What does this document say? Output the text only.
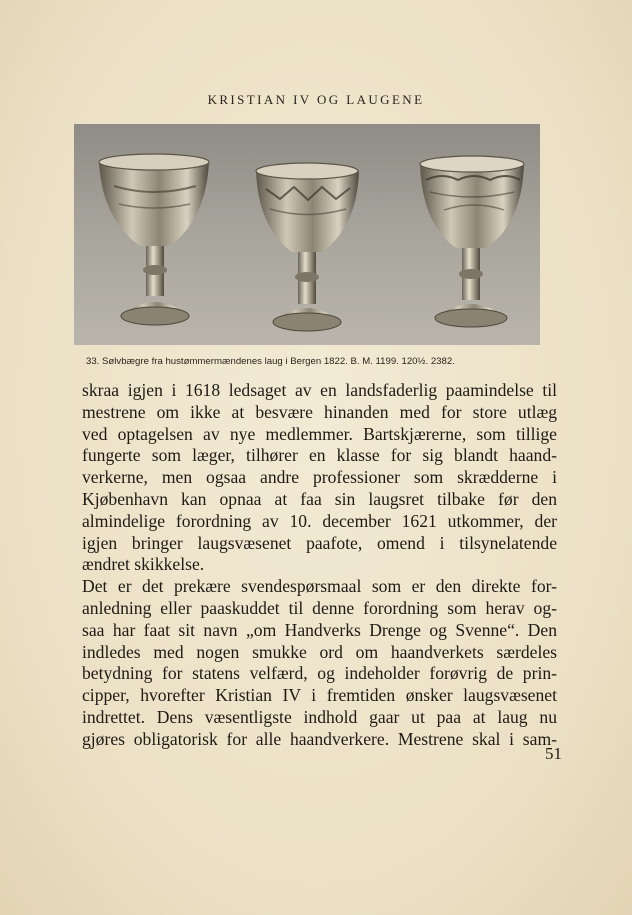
KRISTIAN IV OG LAUGENE
33. Sølvbægre fra hustømmermændenes laug i Bergen 1822. B. M. 1199. 120½. 2382.
skraa igjen i 1618 ledsaget av en landsfaderlig paamindelse til
mestrene om ikke at besvære hinanden med for store utlæg
ved optagelsen av nye medlemmer. Bartskjærerne, som tillige
fungerte som læger, tilhører en klasse for sig blandt haand-
verkerne, men ogsaa andre professioner som skrædderne i
Kjøbenhavn kan opnaa at faa sin laugsret tilbake før den
almindelige forordning av 10. december 1621 utkommer, der
igjen bringer laugsvæsenet paafote, omend i tilsynelatende
ændret skikkelse.
Det er det prekære svendespørsmaal som er den direkte for-
anledning eller paaskuddet til denne forordning som herav og-
saa har faat sit navn „om Handverks Drenge og Svenne“. Den
indledes med nogen smukke ord om haandverkets særdeles
betydning for statens velfærd, og indeholder forøvrig de prin-
cipper, hvorefter Kristian IV i fremtiden ønsker laugsvæsenet
indrettet. Dens væsentligste indhold gaar ut paa at laug nu
gjøres obligatorisk for alle haandverkere. Mestrene skal i sam-
51
